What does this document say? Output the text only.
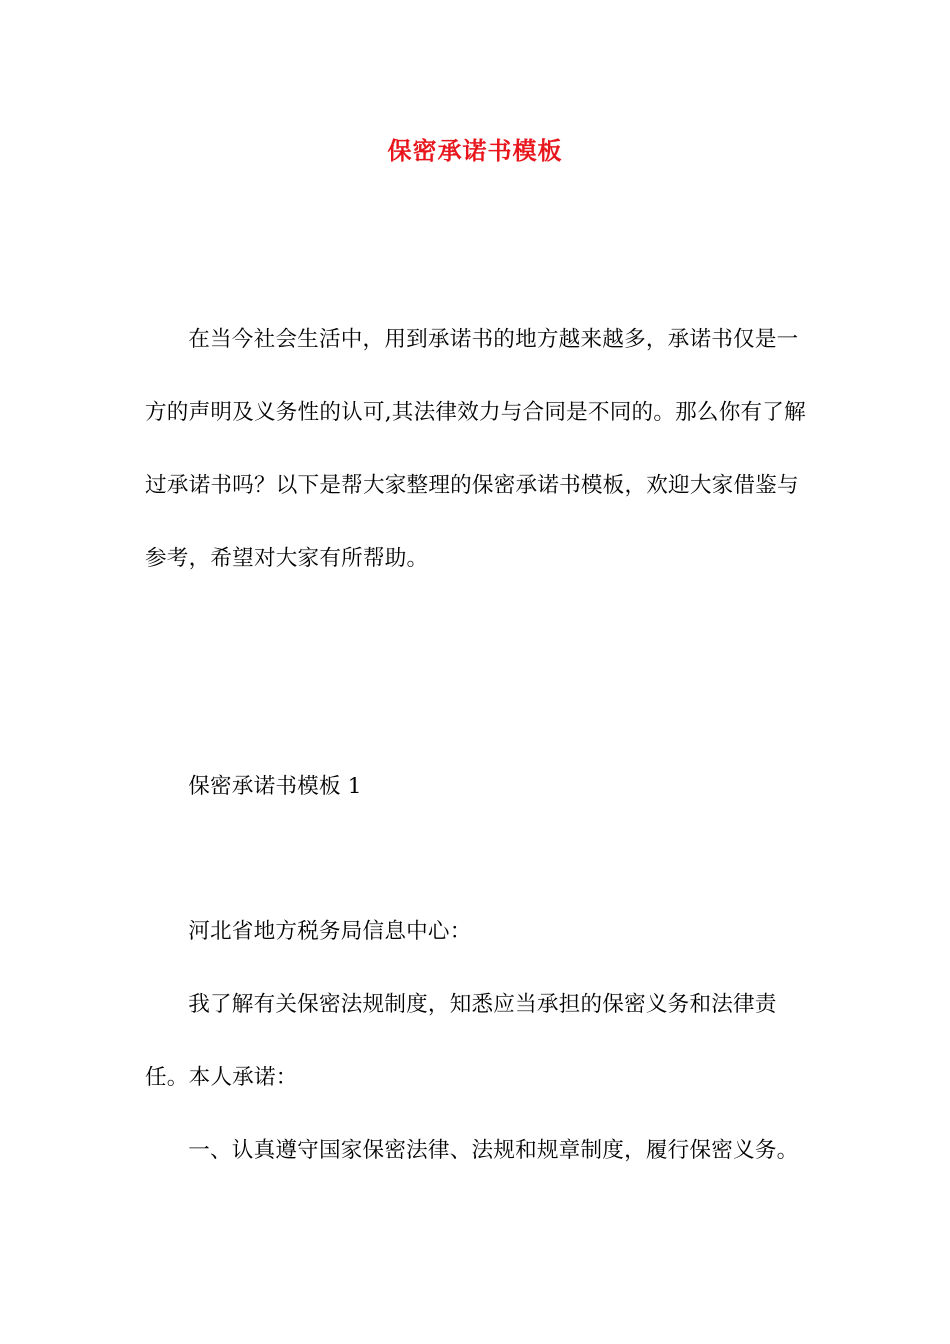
保密承诺书模板

在当今社会生活中，用到承诺书的地方越来越多，承诺书仅是一方的声明及义务性的认可,其法律效力与合同是不同的。那么你有了解过承诺书吗？以下是帮大家整理的保密承诺书模板，欢迎大家借鉴与参考，希望对大家有所帮助。

保密承诺书模板 1

河北省地方税务局信息中心：

我了解有关保密法规制度，知悉应当承担的保密义务和法律责任。本人承诺：

一、认真遵守国家保密法律、法规和规章制度，履行保密义务。
